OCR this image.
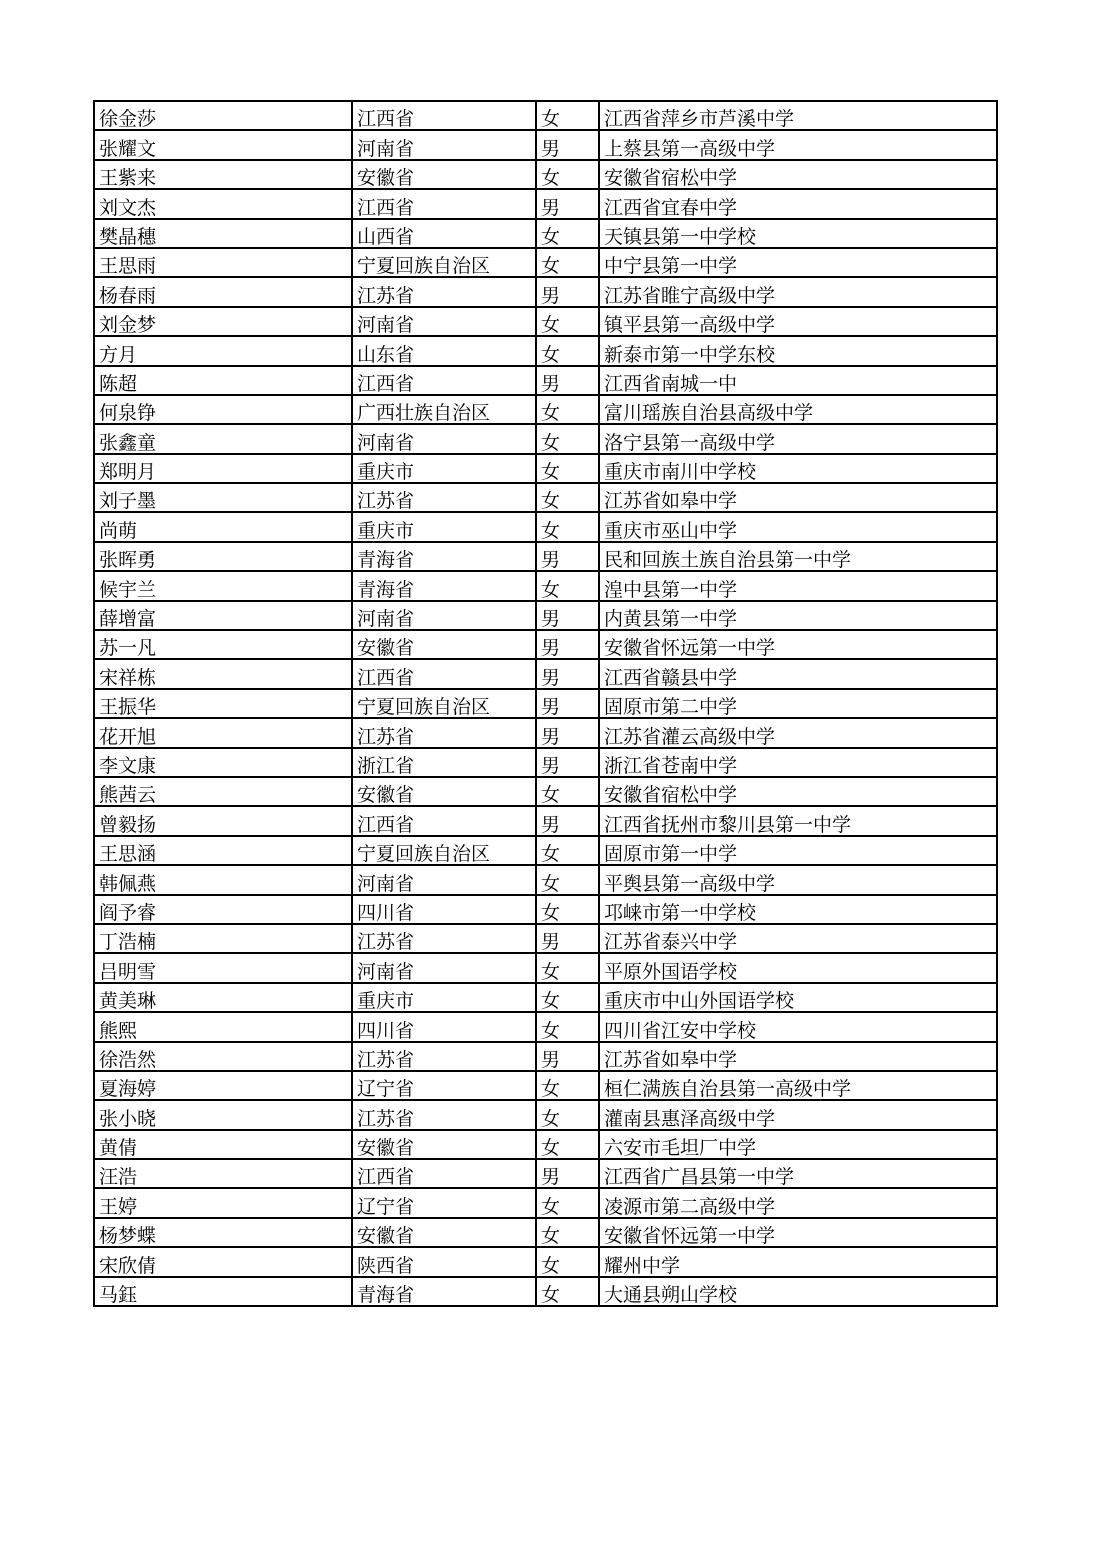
徐金莎	江西省	女	江西省萍乡市芦溪中学
张耀文	河南省	男	上蔡县第一高级中学
王紫来	安徽省	女	安徽省宿松中学
刘文杰	江西省	男	江西省宜春中学
樊晶穗	山西省	女	天镇县第一中学校
王思雨	宁夏回族自治区	女	中宁县第一中学
杨春雨	江苏省	男	江苏省睢宁高级中学
刘金梦	河南省	女	镇平县第一高级中学
方月	山东省	女	新泰市第一中学东校
陈超	江西省	男	江西省南城一中
何泉铮	广西壮族自治区	女	富川瑶族自治县高级中学
张鑫童	河南省	女	洛宁县第一高级中学
郑明月	重庆市	女	重庆市南川中学校
刘子墨	江苏省	女	江苏省如皋中学
尚萌	重庆市	女	重庆市巫山中学
张晖勇	青海省	男	民和回族土族自治县第一中学
候宇兰	青海省	女	湟中县第一中学
薛增富	河南省	男	内黄县第一中学
苏一凡	安徽省	男	安徽省怀远第一中学
宋祥栋	江西省	男	江西省赣县中学
王振华	宁夏回族自治区	男	固原市第二中学
花开旭	江苏省	男	江苏省灌云高级中学
李文康	浙江省	男	浙江省苍南中学
熊茜云	安徽省	女	安徽省宿松中学
曾毅扬	江西省	男	江西省抚州市黎川县第一中学
王思涵	宁夏回族自治区	女	固原市第一中学
韩佩燕	河南省	女	平舆县第一高级中学
阎予睿	四川省	女	邛崃市第一中学校
丁浩楠	江苏省	男	江苏省泰兴中学
吕明雪	河南省	女	平原外国语学校
黄美琳	重庆市	女	重庆市中山外国语学校
熊熙	四川省	女	四川省江安中学校
徐浩然	江苏省	男	江苏省如皋中学
夏海婷	辽宁省	女	桓仁满族自治县第一高级中学
张小晓	江苏省	女	灌南县惠泽高级中学
黄倩	安徽省	女	六安市毛坦厂中学
汪浩	江西省	男	江西省广昌县第一中学
王婷	辽宁省	女	凌源市第二高级中学
杨梦蝶	安徽省	女	安徽省怀远第一中学
宋欣倩	陕西省	女	耀州中学
马鈺	青海省	女	大通县朔山学校
